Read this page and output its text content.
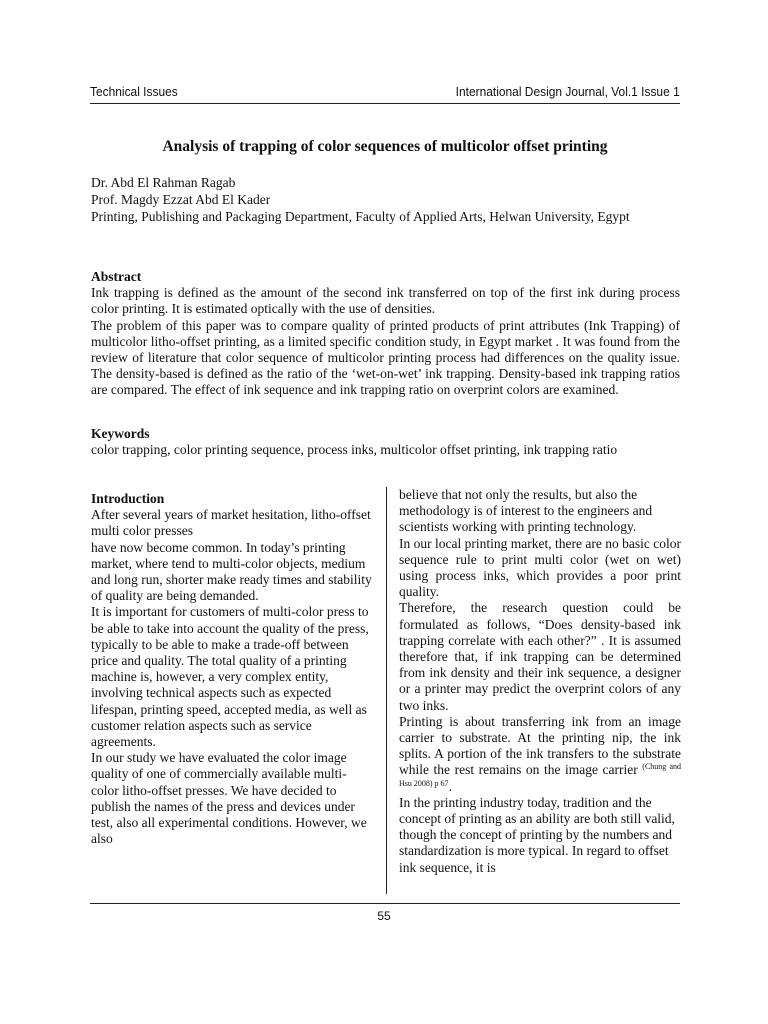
Technical Issues	International Design Journal, Vol.1 Issue 1
Analysis of trapping of color sequences of multicolor offset printing
Dr. Abd El Rahman Ragab
Prof. Magdy Ezzat Abd El Kader
Printing, Publishing and Packaging Department, Faculty of Applied Arts, Helwan University, Egypt
Abstract
Ink trapping is defined as the amount of the second ink transferred on top of the first ink during process color printing. It is estimated optically with the use of densities.
The problem of this paper was to compare quality of printed products of print attributes (Ink Trapping) of multicolor litho-offset printing, as a limited specific condition study, in Egypt market . It was found from the review of literature that color sequence of multicolor printing process had differences on the quality issue. The density-based is defined as the ratio of the ‘wet-on-wet’ ink trapping. Density-based ink trapping ratios are compared. The effect of ink sequence and ink trapping ratio on overprint colors are examined.
Keywords
color trapping, color printing sequence, process inks, multicolor offset printing, ink trapping ratio
Introduction
After several years of market hesitation, litho-offset multi color presses
have now become common. In today’s printing market, where tend to multi-color objects, medium and long run, shorter make ready times and stability of quality are being demanded.
It is important for customers of multi-color press to be able to take into account the quality of the press, typically to be able to make a trade-off between price and quality. The total quality of a printing machine is, however, a very complex entity, involving technical aspects such as expected lifespan, printing speed, accepted media, as well as customer relation aspects such as service agreements.
In our study we have evaluated the color image quality of one of commercially available multi- color litho-offset presses. We have decided to publish the names of the press and devices under test, also all experimental conditions. However, we also
believe that not only the results, but also the methodology is of interest to the engineers and scientists working with printing technology.
In our local printing market, there are no basic color sequence rule to print multi color (wet on wet) using process inks, which provides a poor print quality.
Therefore, the research question could be formulated as follows, “Does density-based ink trapping correlate with each other?” . It is assumed therefore that, if ink trapping can be determined from ink density and their ink sequence, a designer or a printer may predict the overprint colors of any two inks.
Printing is about transferring ink from an image carrier to substrate. At the printing nip, the ink splits. A portion of the ink transfers to the substrate while the rest remains on the image carrier $^{(Chung and Hsu 2008) p 67}$.
In the printing industry today, tradition and the concept of printing as an ability are both still valid, though the concept of printing by the numbers and standardization is more typical. In regard to offset ink sequence, it is
55
